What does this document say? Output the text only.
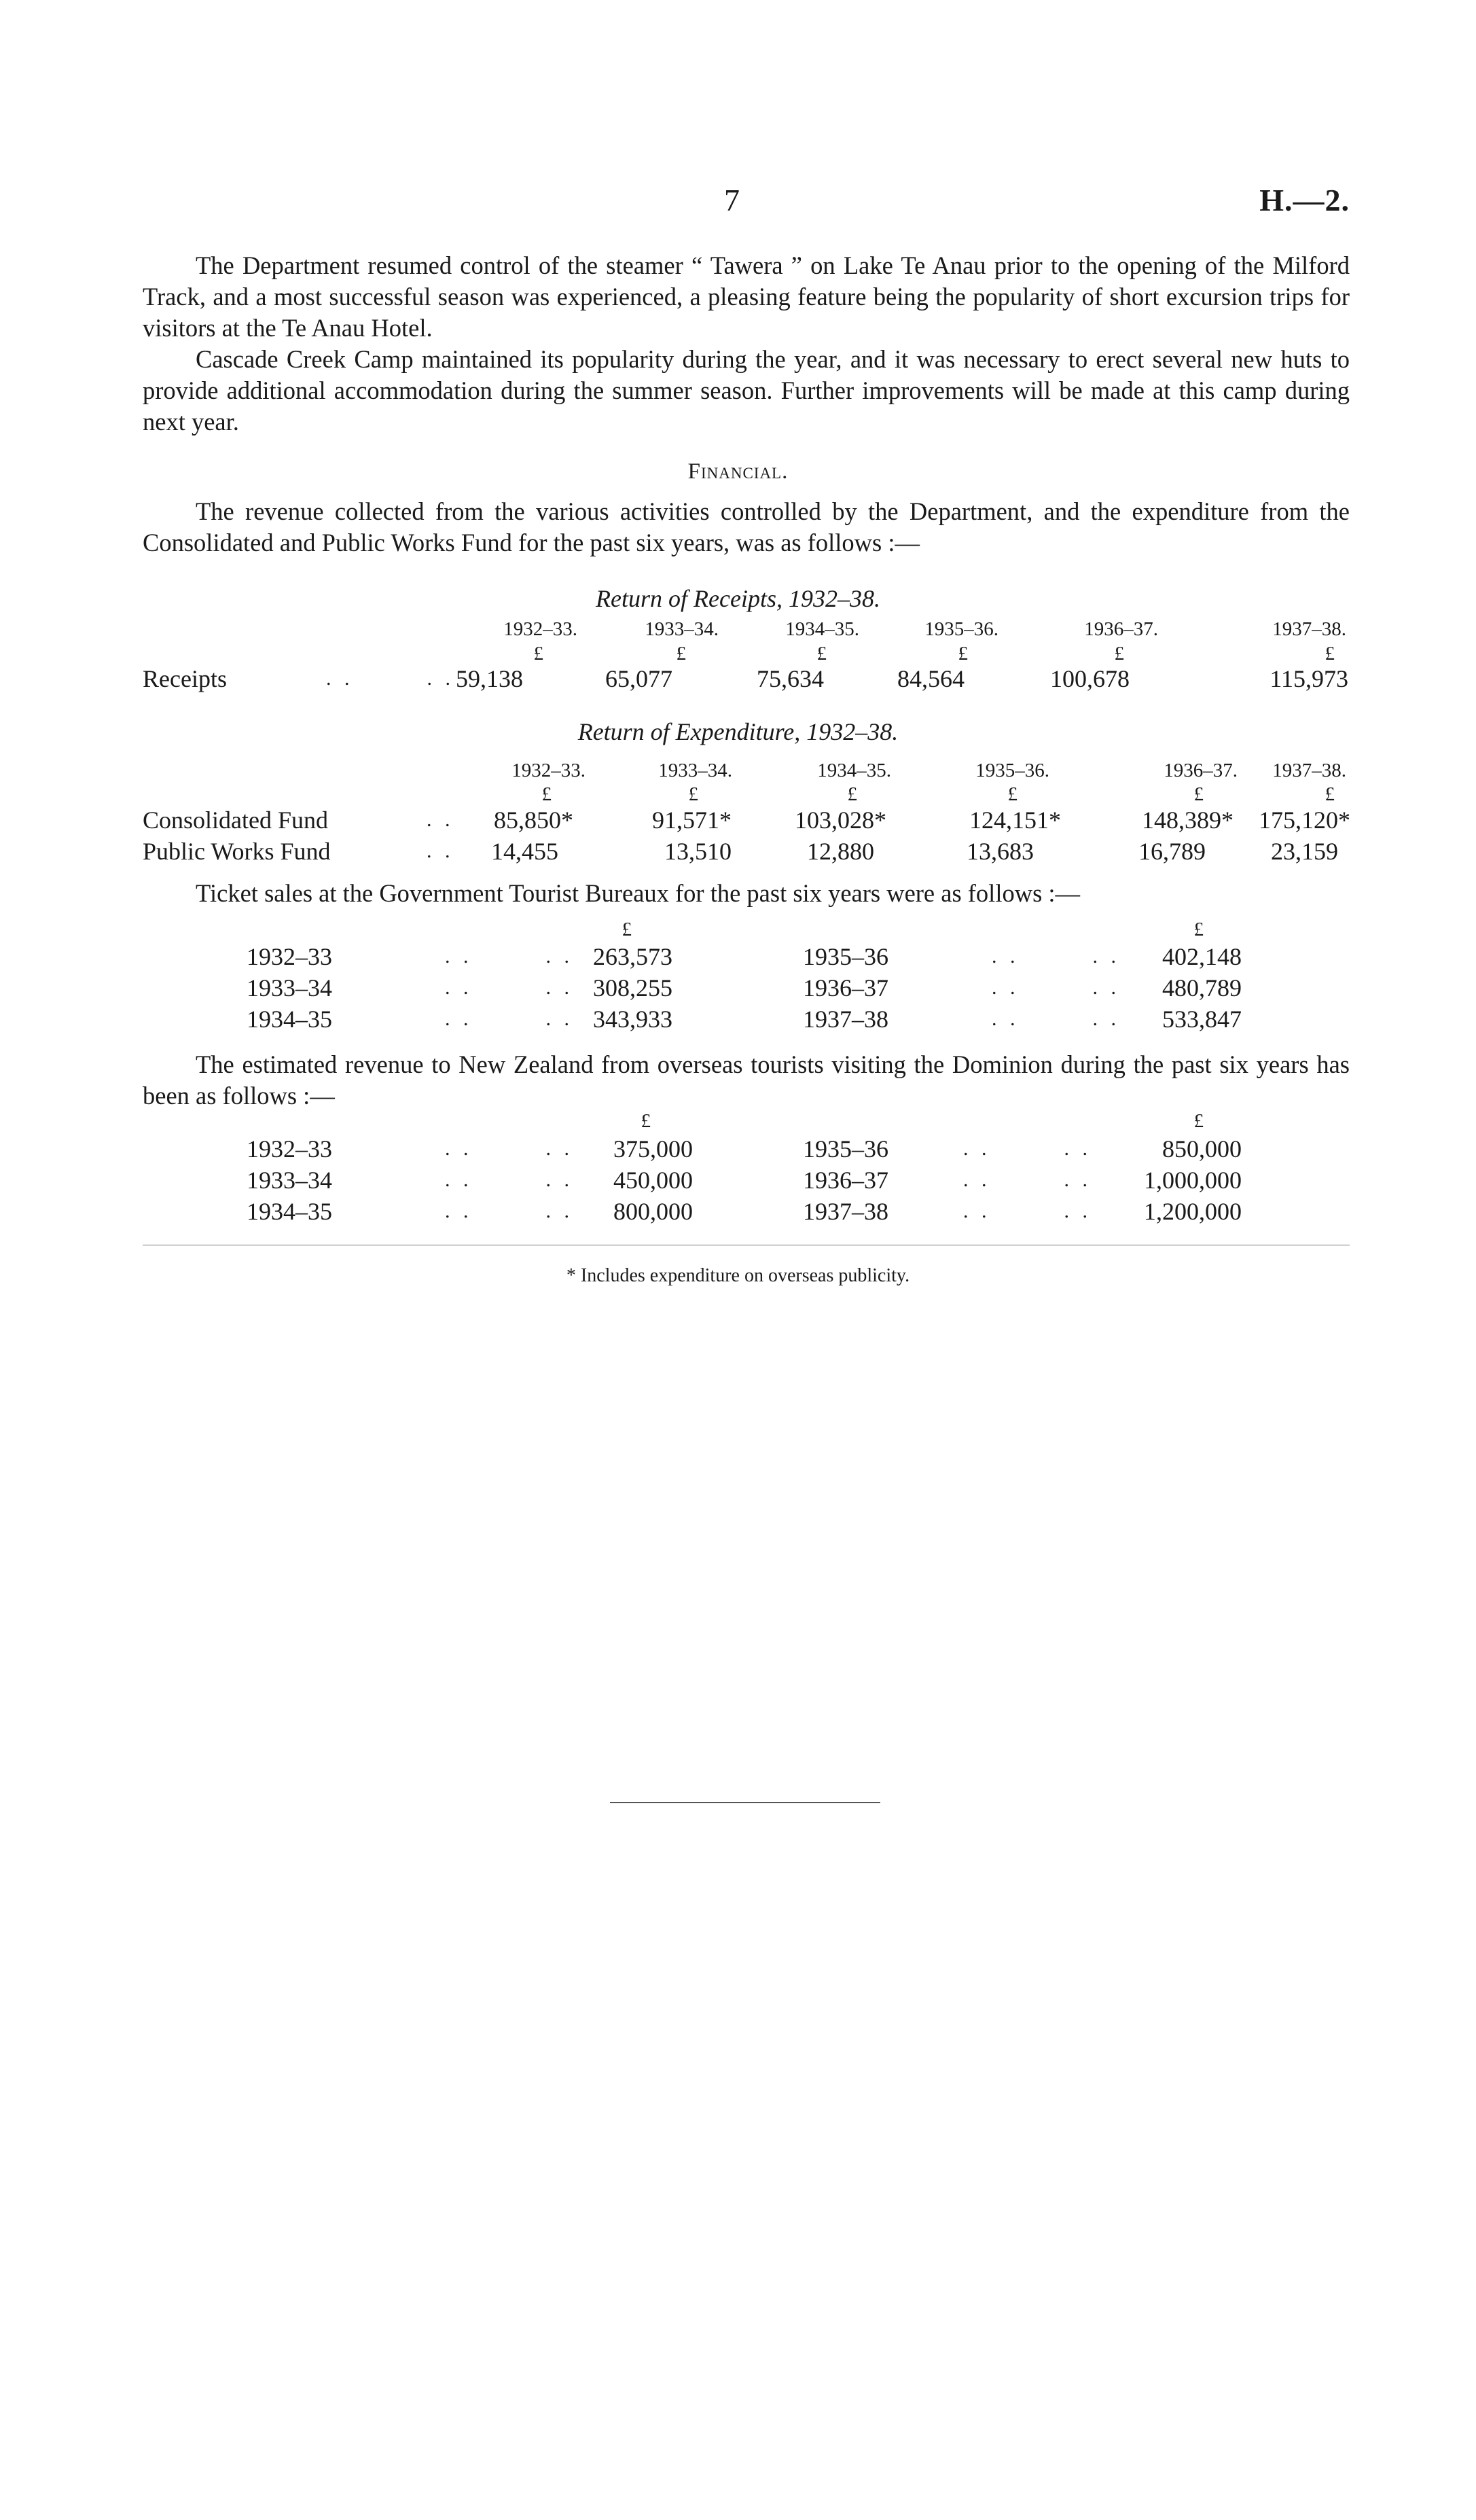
7	H.—2.

The Department resumed control of the steamer “ Tawera ” on Lake Te Anau prior to the opening of the Milford Track, and a most successful season was experienced, a pleasing feature being the popularity of short excursion trips for visitors at the Te Anau Hotel.

Cascade Creek Camp maintained its popularity during the year, and it was necessary to erect several new huts to provide additional accommodation during the summer season. Further improvements will be made at this camp during next year.

Financial.

The revenue collected from the various activities controlled by the Department, and the expenditure from the Consolidated and Public Works Fund for the past six years, was as follows :—

Return of Receipts, 1932–38.
1932–33.	1933–34.	1934–35.	1935–36.	1936–37.	1937–38.
£	£	£	£	£	£
Receipts	. .        . . 59,138	65,077	75,634	84,564	100,678	115,973
Return of Expenditure, 1932–38.
1932–33.	1933–34.	1934–35.	1935–36.	1936–37.	1937–38.
£	£	£	£	£	£
Consolidated Fund	. .	85,850*	91,571*	103,028*	124,151*	148,389*	175,120*
Public Works Fund	. .	14,455	13,510	12,880	13,683	16,789	23,159

Ticket sales at the Government Tourist Bureaux for the past six years were as follows :—

£	£
1932–33	. .        . . 263,573	1935–36	. .        . .	402,148
1933–34	. .        . . 308,255	1936–37	. .        . .	480,789
1934–35	. .        . . 343,933	1937–38	. .        . .	533,847

The estimated revenue to New Zealand from overseas tourists visiting the Dominion during the past six years has been as follows :—

£	£
1932–33	. .        . .	375,000	1935–36	. .        . .	850,000
1933–34	. .        . .	450,000	1936–37	. .        . .	1,000,000
1934–35	. .        . .	800,000	1937–38	. .        . .	1,200,000
* Includes expenditure on overseas publicity.
